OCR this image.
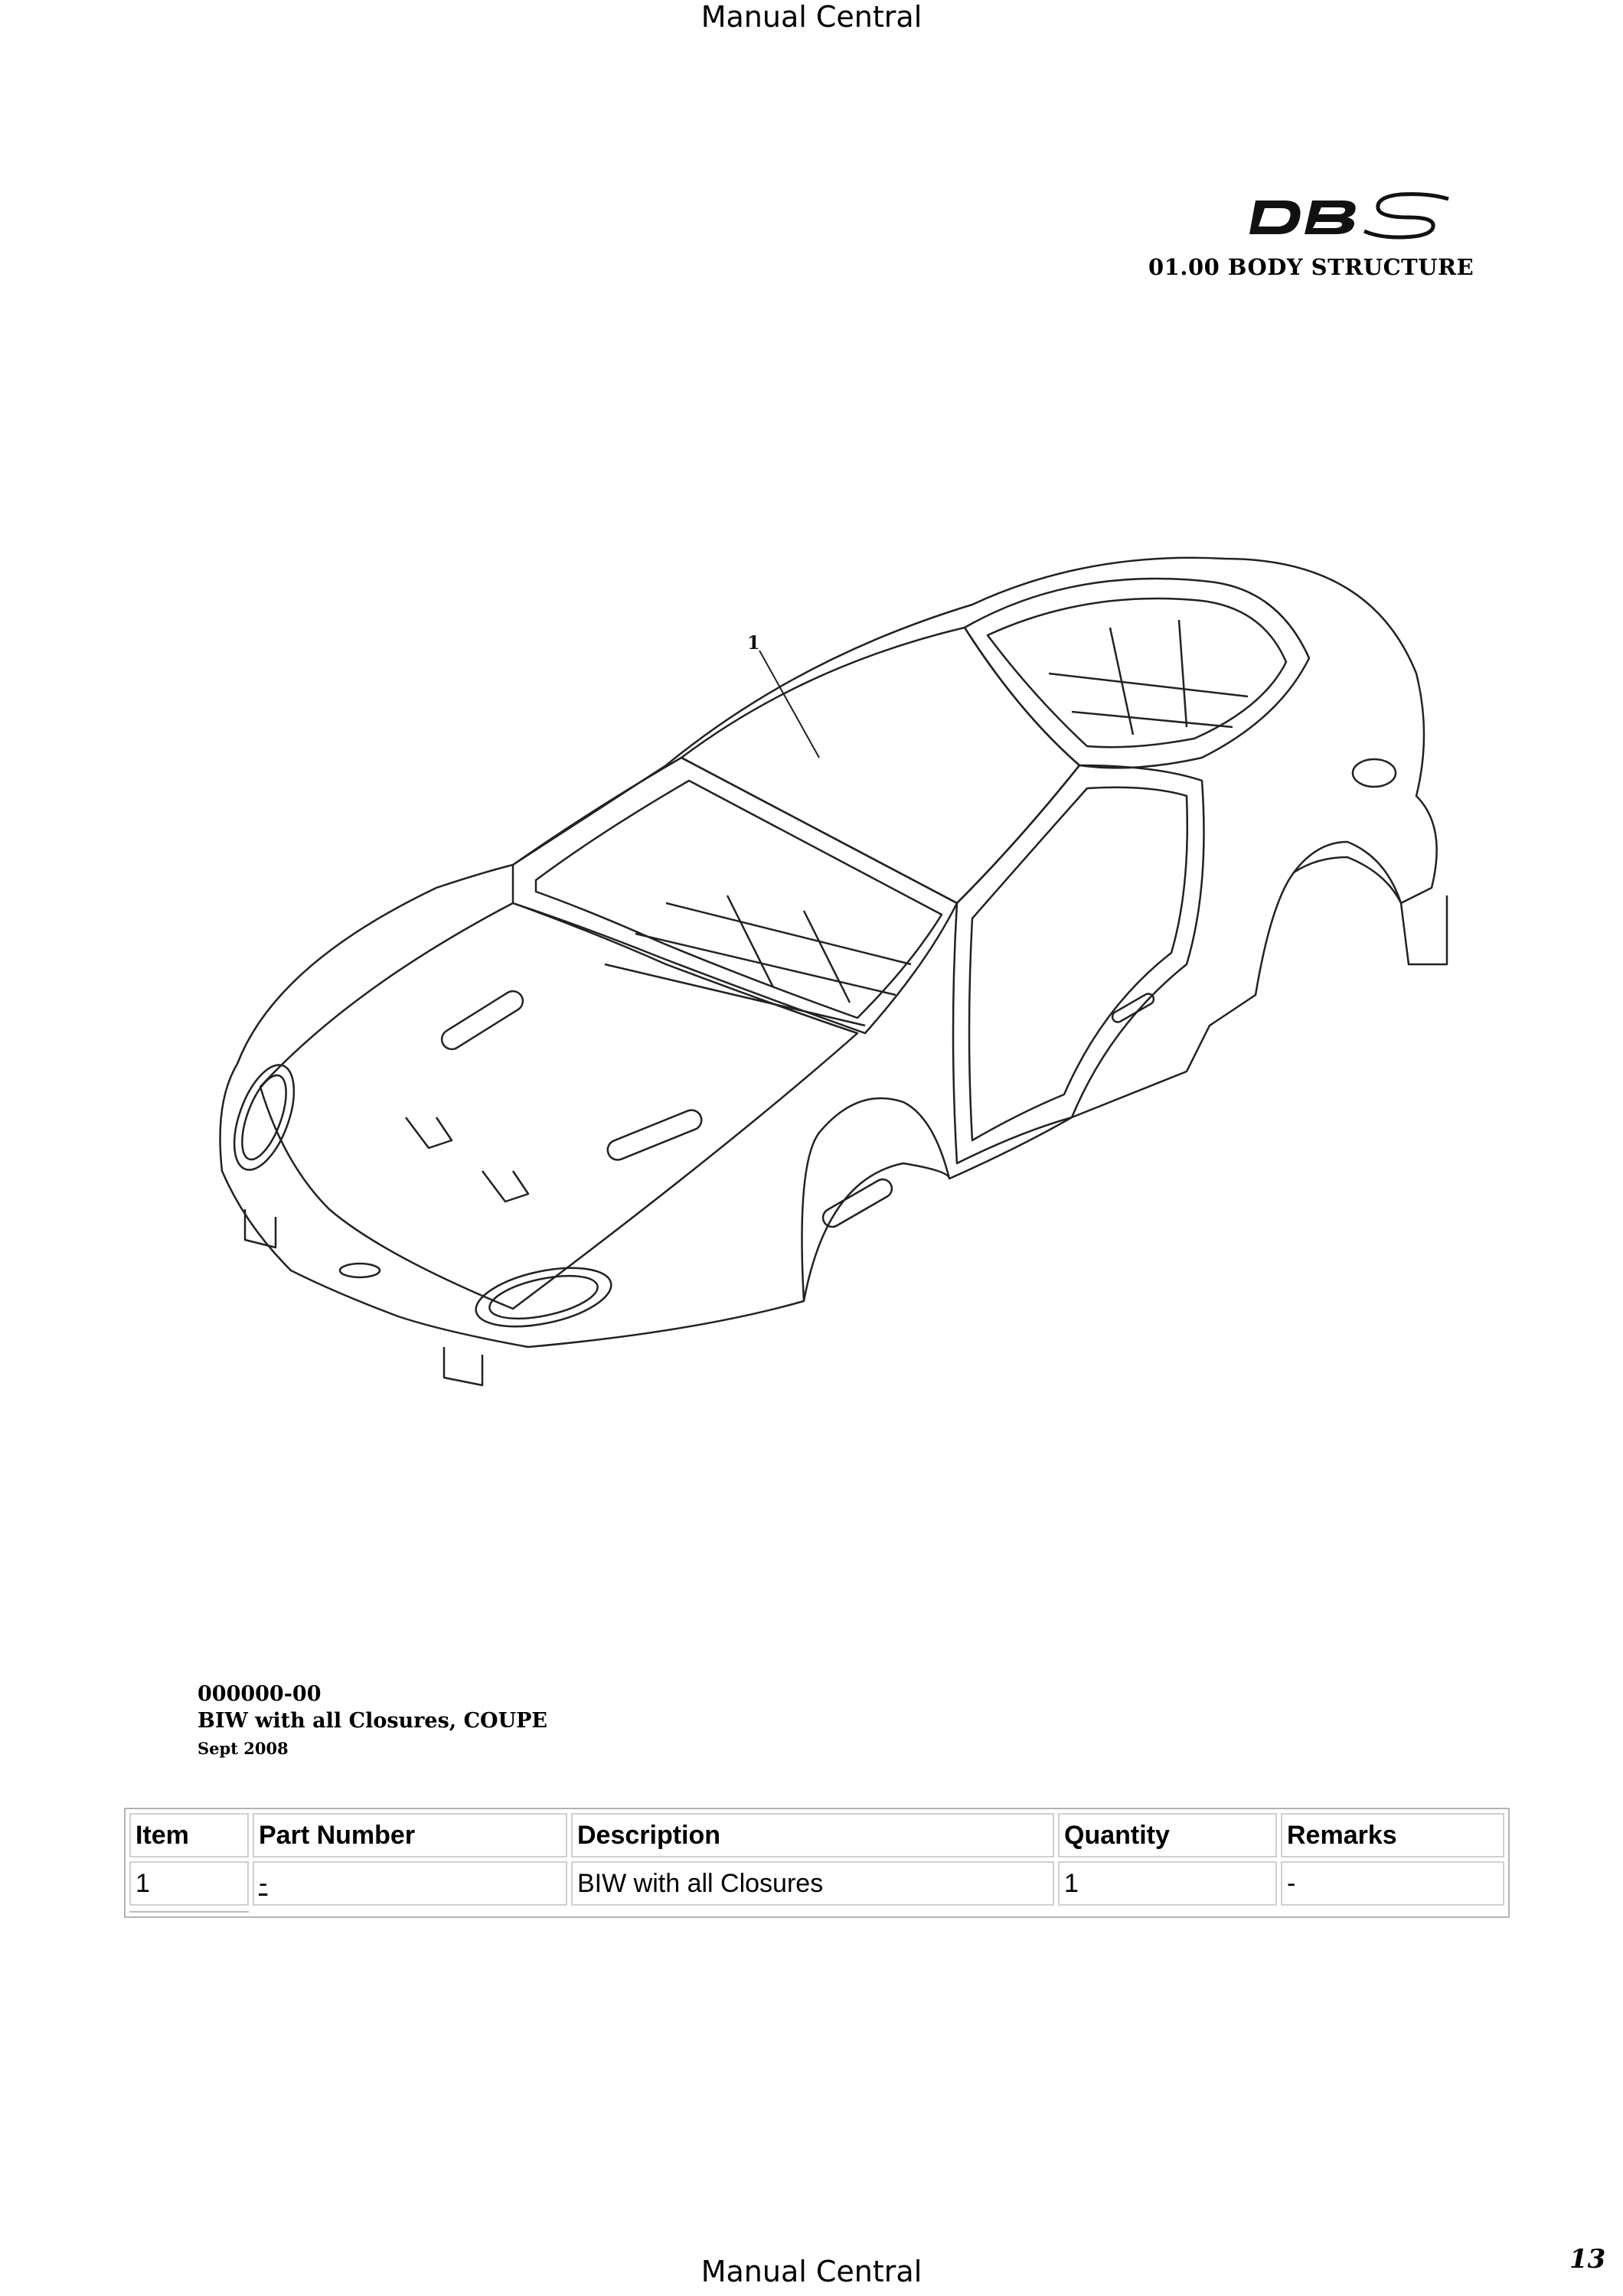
Manual Central
01.00 BODY STRUCTURE
1
000000-00
BIW with all Closures, COUPE
Sept 2008
Item	Part Number	Description	Quantity	Remarks
1	-	BIW with all Closures	1	-

13
Manual Central
